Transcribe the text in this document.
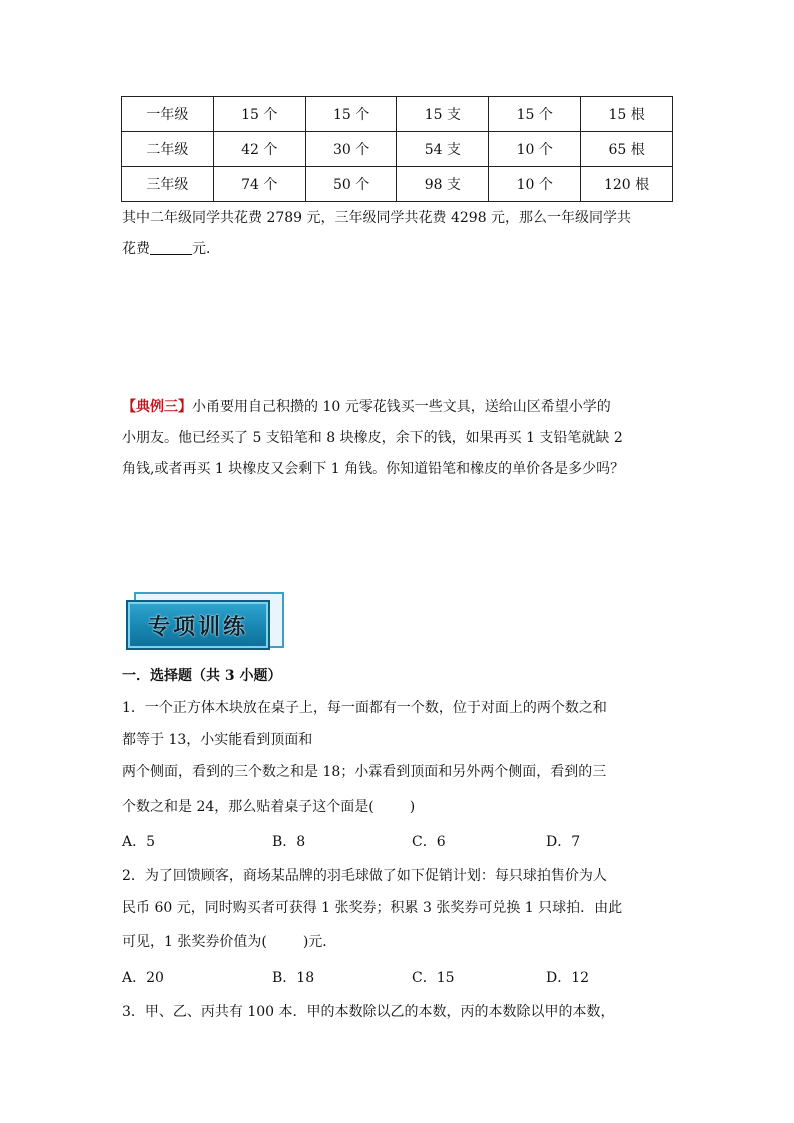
一年级	15 个	15 个	15 支	15 个	15 根
二年级	42 个	30 个	54 支	10 个	65 根
三年级	74 个	50 个	98 支	10 个	120 根
其中二年级同学共花费 2789 元，三年级同学共花费 4298 元，那么一年级同学共
花费	元．
【典例三】小甬要用自己积攒的 10 元零花钱买一些文具，送给山区希望小学的
小朋友。他已经买了 5 支铅笔和 8 块橡皮，余下的钱，如果再买 1 支铅笔就缺 2
角钱,或者再买 1 块橡皮又会剩下 1 角钱。你知道铅笔和橡皮的单价各是多少吗？
专项训练
一．选择题（共 3 小题）
1．一个正方体木块放在桌子上，每一面都有一个数，位于对面上的两个数之和
都等于 13，小实能看到顶面和
两个侧面，看到的三个数之和是 18；小霖看到顶面和另外两个侧面，看到的三
个数之和是 24，那么贴着桌子这个面是(	)
A．5	B．8	C．6	D．7
2．为了回馈顾客，商场某品牌的羽毛球做了如下促销计划：每只球拍售价为人
民币 60 元，同时购买者可获得 1 张奖券；积累 3 张奖券可兑换 1 只球拍．由此
可见，1 张奖券价值为(	)元．
A．20	B．18	C．15	D．12
3．甲、乙、丙共有 100 本．甲的本数除以乙的本数，丙的本数除以甲的本数，
